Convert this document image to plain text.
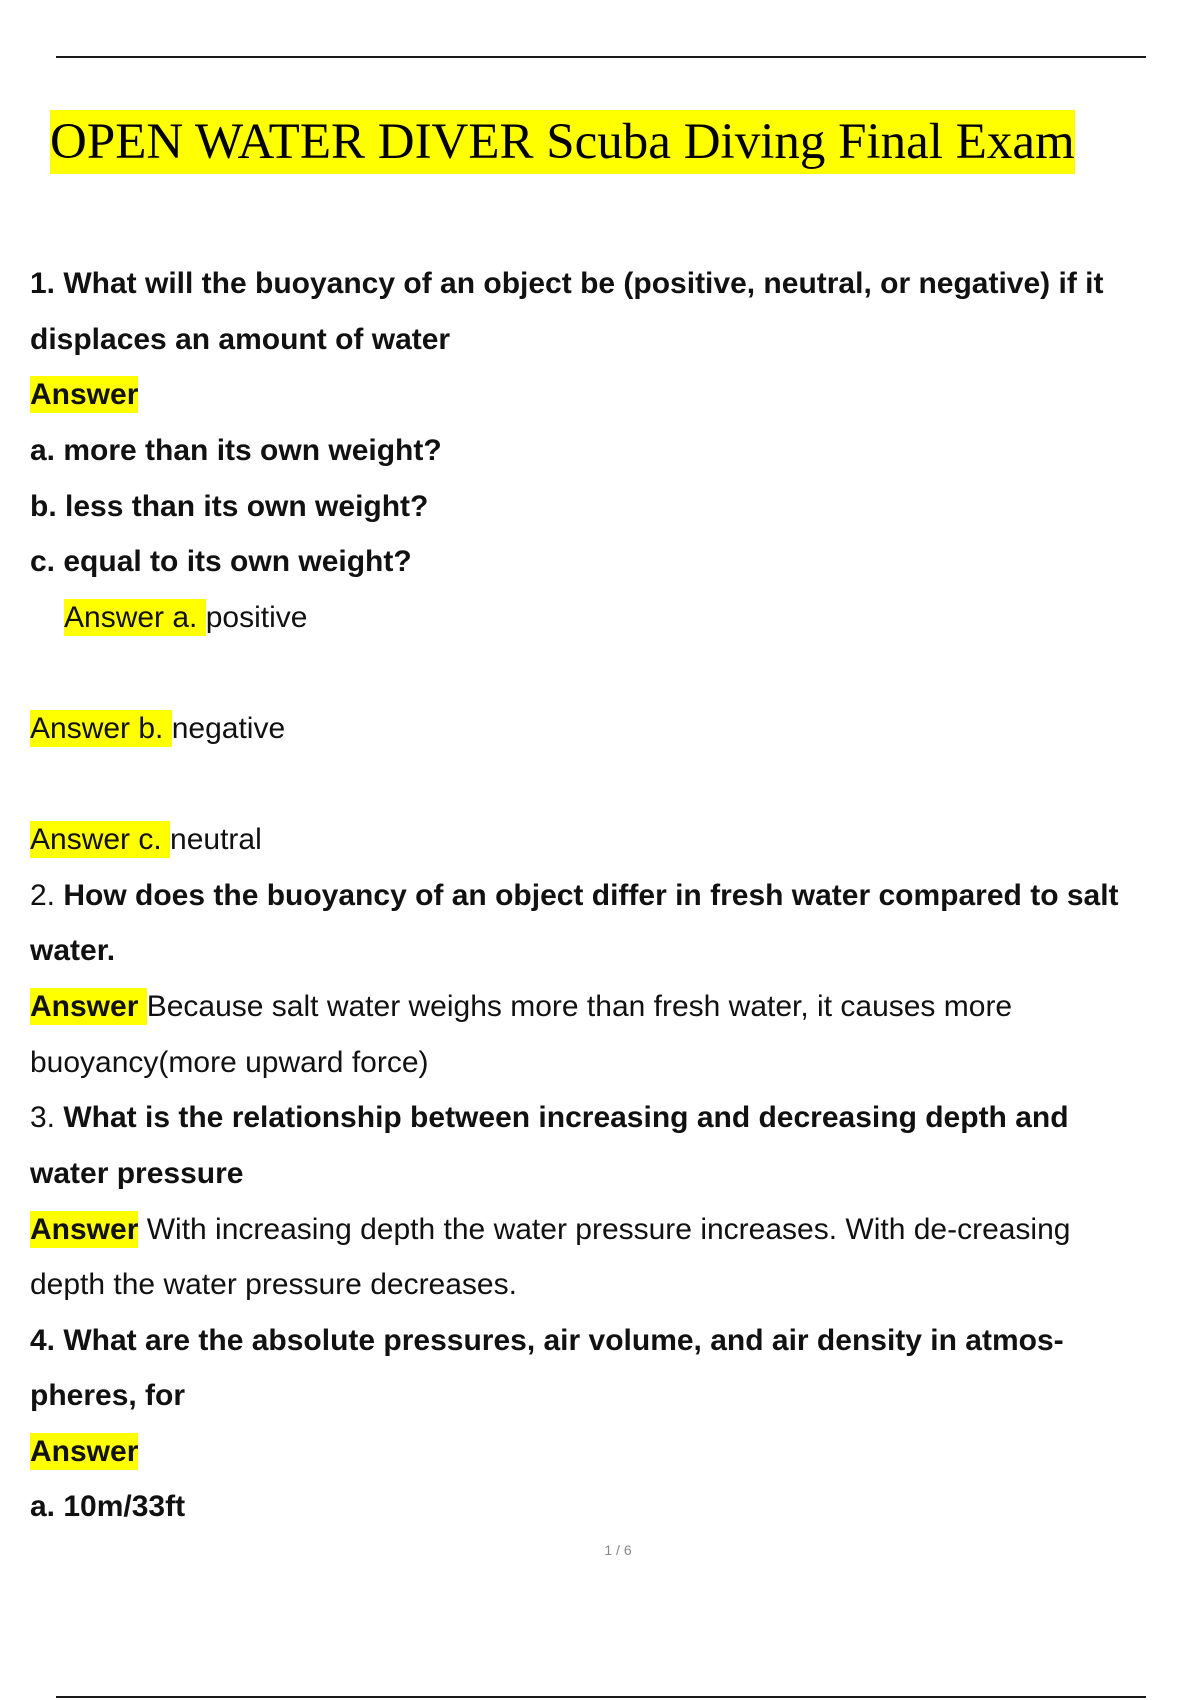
OPEN WATER DIVER Scuba Diving Final Exam
1. What will the buoyancy of an object be (positive, neutral, or negative) if it
displaces an amount of water
Answer
a. more than its own weight?
b. less than its own weight?
c. equal to its own weight?
Answer a. positive
Answer b. negative
Answer c. neutral
2. How does the buoyancy of an object differ in fresh water compared to salt
water.
Answer Because salt water weighs more than fresh water, it causes more
buoyancy(more upward force)
3. What is the relationship between increasing and decreasing depth and
water pressure
Answer With increasing depth the water pressure increases. With de-creasing
depth the water pressure decreases.
4. What are the absolute pressures, air volume, and air density in atmos-
pheres, for
Answer
a. 10m/33ft
1 / 6
